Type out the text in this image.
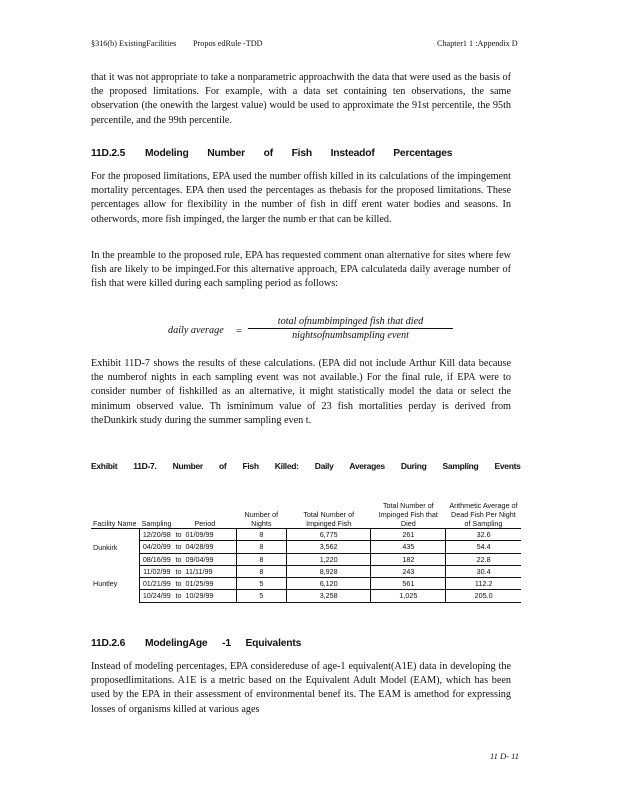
§316(b) ExistingFacilities Propos edRule -TDD	Chapter1 1 :Appendix D
that it was not appropriate to take a nonparametric approachwith the data that were used as the basis of the proposed limitations. For example, with a data set containing ten observations, the same observation (the onewith the largest value) would be used to approximate the 91st percentile, the 95th percentile, and the 99th percentile.
11D.2.5 Modeling Number of Fish Insteadof Percentages
For the proposed limitations, EPA used the number offish killed in its calculations of the impingement mortality percentages. EPA then used the percentages as thebasis for the proposed limitations. These percentages allow for flexibility in the number of fish in diff erent water bodies and seasons. In otherwords, more fish impinged, the larger the numb er that can be killed.
In the preamble to the proposed rule, EPA has requested comment onan alternative for sites where few fish are likely to be impinged.For this alternative approach, EPA calculateda daily average number of fish that were killed during each sampling period as follows:
daily average =
total ofnumbimpinged fish that died
nightsofnumbsampling event
Exhibit 11D-7 shows the results of these calculations. (EPA did not include Arthur Kill data because the numberof nights in each sampling event was not available.) For the final rule, if EPA were to consider number of fishkilled as an alternative, it might statistically model the data or select the minimum observed value. Th isminimum value of 23 fish mortalities perday is derived from theDunkirk study during the summer sampling even t.
Exhibit 11D-7. Number of Fish Killed: Daily Averages During Sampling Events
Facility Name	Sampling	Period	Number of Nights	Total Number of Impinged Fish	Total Number of Impinged Fish that Died	Arithmetic Average of Dead Fish Per Night of Sampling
Dunkirk	12/20/98	to 01/09/99	8	6,775	261	32.6
	04/20/99	to 04/28/99	8	3,562	435	54.4
	08/16/99	to 09/04/99	8	1,220	182	22.8
Huntley	11/02/99	to 11/11/99	8	8,928	243	30.4
	01/21/99	to 01/25/99	5	6,120	561	112.2
	10/24/99	to 10/29/99	5	3,258	1,025	205.0
11D.2.6 ModelingAge -1 Equivalents
Instead of modeling percentages, EPA consideredusе of age-1 equivalent(A1E) data in developing the proposedlimitations. A1E is a metric based on the Equivalent Adult Model (EAM), which has been used by the EPA in their assessment of environmental benef its. The EAM is amethod for expressing losses of organisms killed at various ages
11 D- 11
